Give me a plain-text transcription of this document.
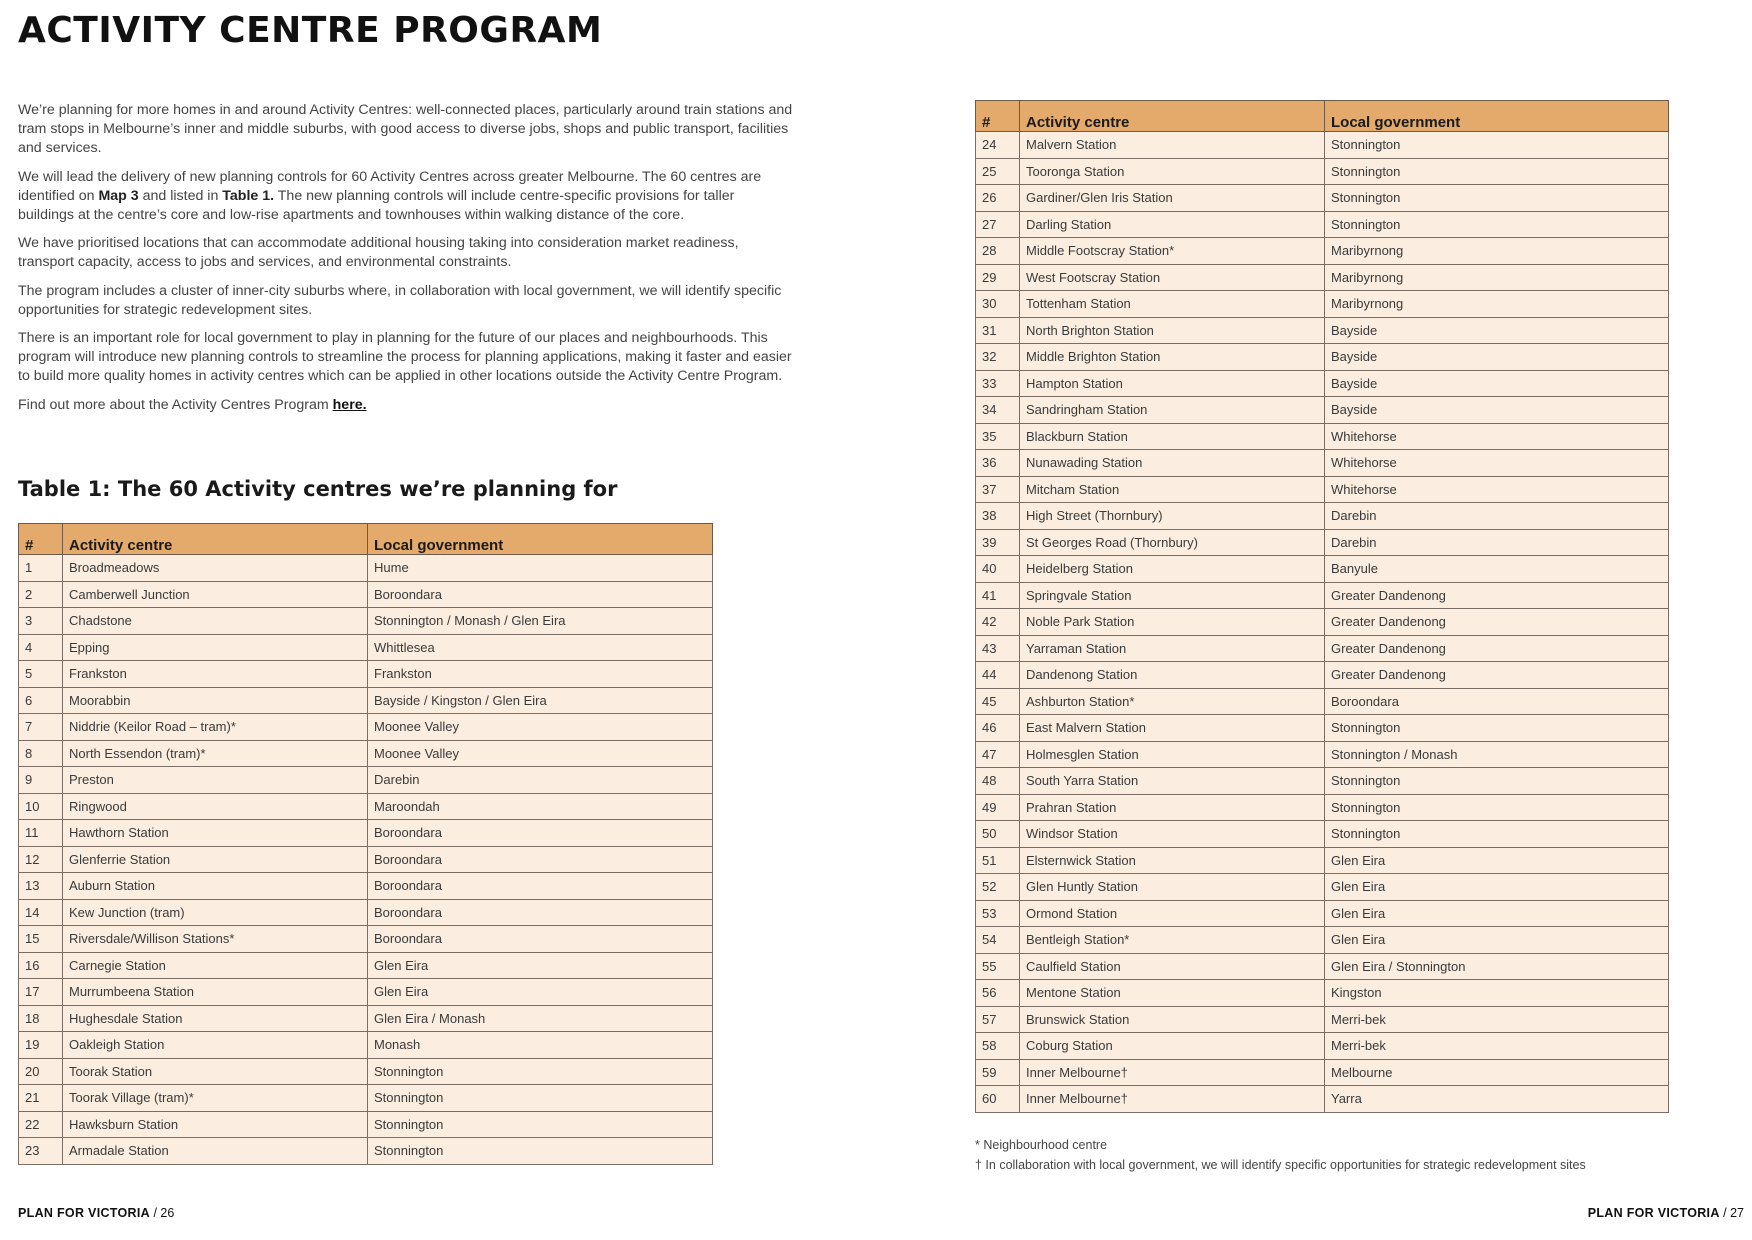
ACTIVITY CENTRE PROGRAM

We’re planning for more homes in and around Activity Centres: well-connected places, particularly around train stations and tram stops in Melbourne’s inner and middle suburbs, with good access to diverse jobs, shops and public transport, facilities and services.

We will lead the delivery of new planning controls for 60 Activity Centres across greater Melbourne. The 60 centres are identified on Map 3 and listed in Table 1. The new planning controls will include centre-specific provisions for taller buildings at the centre’s core and low-rise apartments and townhouses within walking distance of the core.

We have prioritised locations that can accommodate additional housing taking into consideration market readiness, transport capacity, access to jobs and services, and environmental constraints.

The program includes a cluster of inner-city suburbs where, in collaboration with local government, we will identify specific opportunities for strategic redevelopment sites.

There is an important role for local government to play in planning for the future of our places and neighbourhoods. This program will introduce new planning controls to streamline the process for planning applications, making it faster and easier to build more quality homes in activity centres which can be applied in other locations outside the Activity Centre Program.

Find out more about the Activity Centres Program here.

Table 1: The 60 Activity centres we’re planning for
#	Activity centre	Local government
1	Broadmeadows	Hume
2	Camberwell Junction	Boroondara
3	Chadstone	Stonnington / Monash / Glen Eira
4	Epping	Whittlesea
5	Frankston	Frankston
6	Moorabbin	Bayside / Kingston / Glen Eira
7	Niddrie (Keilor Road – tram)*	Moonee Valley
8	North Essendon (tram)*	Moonee Valley
9	Preston	Darebin
10	Ringwood	Maroondah
11	Hawthorn Station	Boroondara
12	Glenferrie Station	Boroondara
13	Auburn Station	Boroondara
14	Kew Junction (tram)	Boroondara
15	Riversdale/Willison Stations*	Boroondara
16	Carnegie Station	Glen Eira
17	Murrumbeena Station	Glen Eira
18	Hughesdale Station	Glen Eira / Monash
19	Oakleigh Station	Monash
20	Toorak Station	Stonnington
21	Toorak Village (tram)*	Stonnington
22	Hawksburn Station	Stonnington
23	Armadale Station	Stonnington
#	Activity centre	Local government
24	Malvern Station	Stonnington
25	Tooronga Station	Stonnington
26	Gardiner/Glen Iris Station	Stonnington
27	Darling Station	Stonnington
28	Middle Footscray Station*	Maribyrnong
29	West Footscray Station	Maribyrnong
30	Tottenham Station	Maribyrnong
31	North Brighton Station	Bayside
32	Middle Brighton Station	Bayside
33	Hampton Station	Bayside
34	Sandringham Station	Bayside
35	Blackburn Station	Whitehorse
36	Nunawading Station	Whitehorse
37	Mitcham Station	Whitehorse
38	High Street (Thornbury)	Darebin
39	St Georges Road (Thornbury)	Darebin
40	Heidelberg Station	Banyule
41	Springvale Station	Greater Dandenong
42	Noble Park Station	Greater Dandenong
43	Yarraman Station	Greater Dandenong
44	Dandenong Station	Greater Dandenong
45	Ashburton Station*	Boroondara
46	East Malvern Station	Stonnington
47	Holmesglen Station	Stonnington / Monash
48	South Yarra Station	Stonnington
49	Prahran Station	Stonnington
50	Windsor Station	Stonnington
51	Elsternwick Station	Glen Eira
52	Glen Huntly Station	Glen Eira
53	Ormond Station	Glen Eira
54	Bentleigh Station*	Glen Eira
55	Caulfield Station	Glen Eira / Stonnington
56	Mentone Station	Kingston
57	Brunswick Station	Merri-bek
58	Coburg Station	Merri-bek
59	Inner Melbourne†	Melbourne
60	Inner Melbourne†	Yarra
* Neighbourhood centre
† In collaboration with local government, we will identify specific opportunities for strategic redevelopment sites
PLAN FOR VICTORIA / 26	PLAN FOR VICTORIA / 27
